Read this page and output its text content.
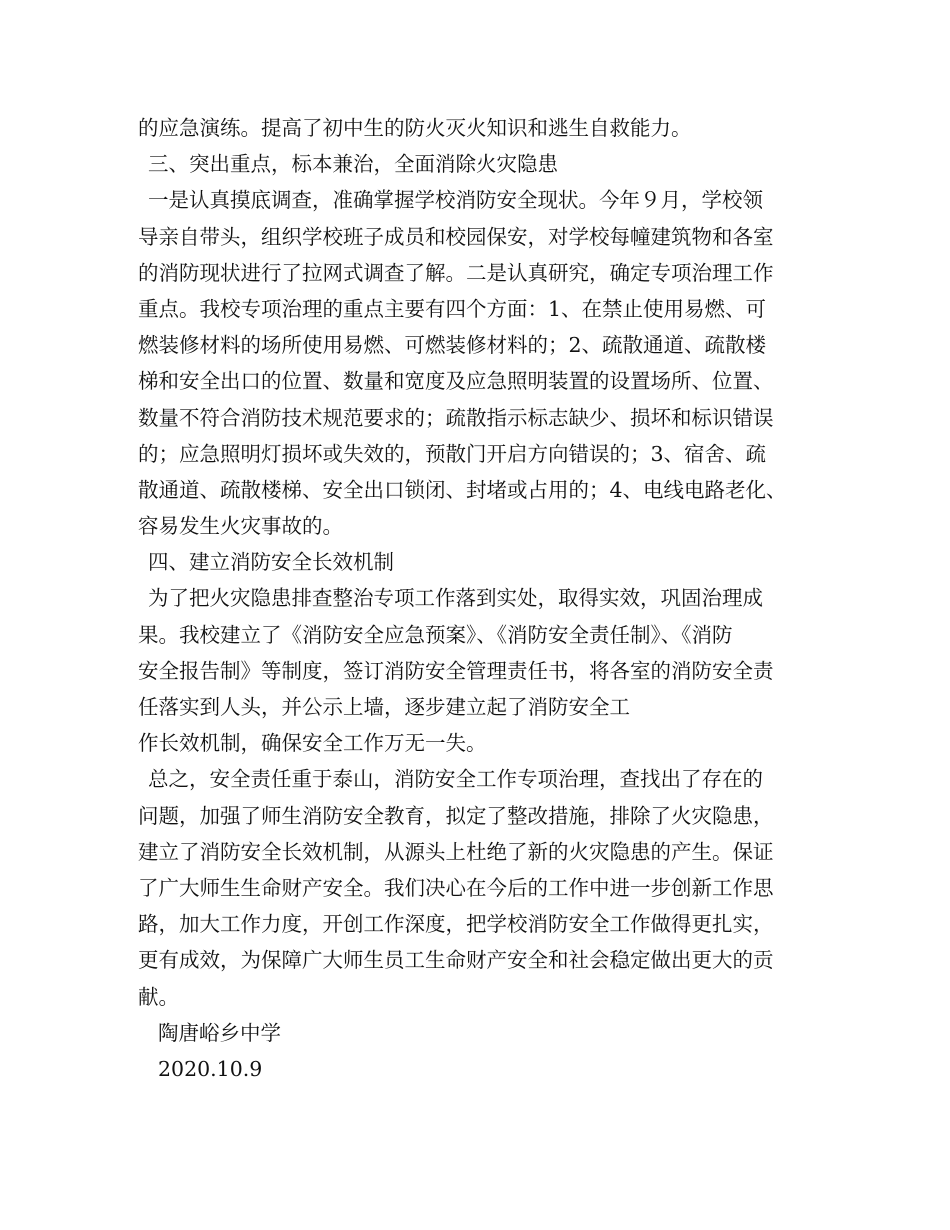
的应急演练。提高了初中生的防火灭火知识和逃生自救能力。
三、突出重点，标本兼治，全面消除火灾隐患
一是认真摸底调查，准确掌握学校消防安全现状。今年９月，学校领
导亲自带头，组织学校班子成员和校园保安，对学校每幢建筑物和各室
的消防现状进行了拉网式调查了解。二是认真研究，确定专项治理工作
重点。我校专项治理的重点主要有四个方面：1、在禁止使用易燃、可
燃装修材料的场所使用易燃、可燃装修材料的；2、疏散通道、疏散楼
梯和安全出口的位置、数量和宽度及应急照明装置的设置场所、位置、
数量不符合消防技术规范要求的；疏散指示标志缺少、损坏和标识错误
的；应急照明灯损坏或失效的，预散门开启方向错误的；3、宿舍、疏
散通道、疏散楼梯、安全出口锁闭、封堵或占用的；4、电线电路老化、
容易发生火灾事故的。
四、建立消防安全长效机制
为了把火灾隐患排查整治专项工作落到实处，取得实效，巩固治理成
果。我校建立了《消防安全应急预案》、《消防安全责任制》、《消防
安全报告制》等制度，签订消防安全管理责任书，将各室的消防安全责
任落实到人头，并公示上墙，逐步建立起了消防安全工
作长效机制，确保安全工作万无一失。
总之，安全责任重于泰山，消防安全工作专项治理，查找出了存在的
问题，加强了师生消防安全教育，拟定了整改措施，排除了火灾隐患，
建立了消防安全长效机制，从源头上杜绝了新的火灾隐患的产生。保证
了广大师生生命财产安全。我们决心在今后的工作中进一步创新工作思
路，加大工作力度，开创工作深度，把学校消防安全工作做得更扎实，
更有成效，为保障广大师生员工生命财产安全和社会稳定做出更大的贡
献。
陶唐峪乡中学
2020.10.9
